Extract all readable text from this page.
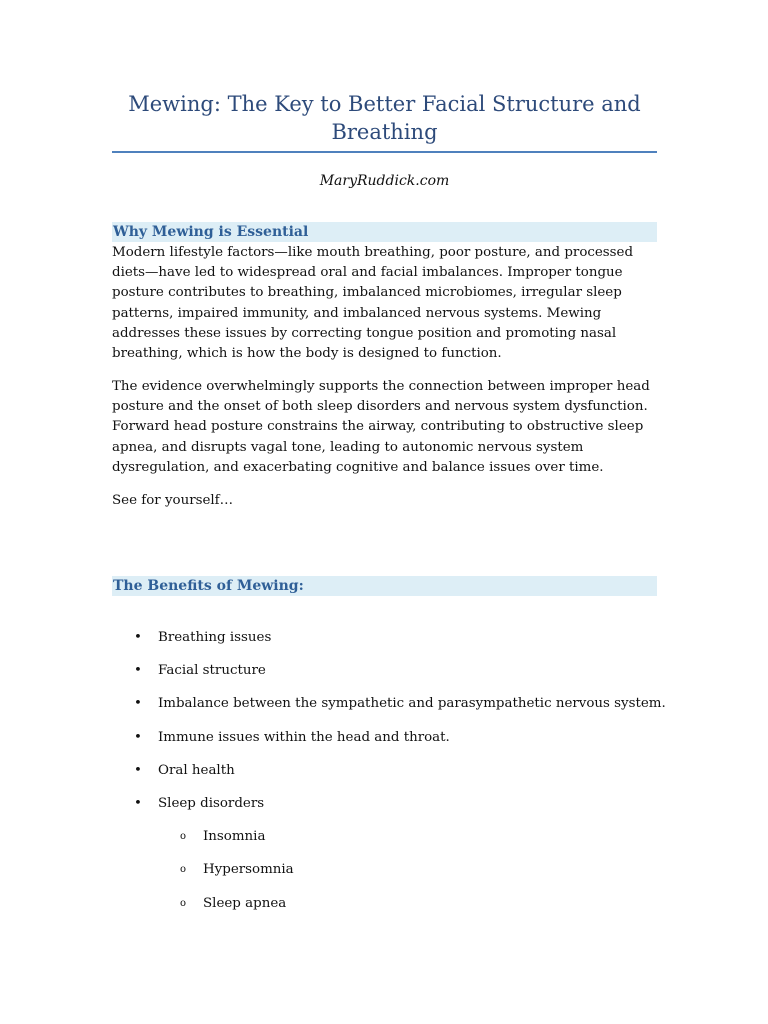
Mewing: The Key to Better Facial Structure and Breathing
MaryRuddick.com
Why Mewing is Essential

Modern lifestyle factors—like mouth breathing, poor posture, and processed diets—have led to widespread oral and facial imbalances. Improper tongue posture contributes to breathing, imbalanced microbiomes, irregular sleep patterns, impaired immunity, and imbalanced nervous systems. Mewing addresses these issues by correcting tongue position and promoting nasal breathing, which is how the body is designed to function.

The evidence overwhelmingly supports the connection between improper head posture and the onset of both sleep disorders and nervous system dysfunction. Forward head posture constrains the airway, contributing to obstructive sleep apnea, and disrupts vagal tone, leading to autonomic nervous system dysregulation, and exacerbating cognitive and balance issues over time.

See for yourself…

The Benefits of Mewing:
• Breathing issues
• Facial structure
• Imbalance between the sympathetic and parasympathetic nervous system.
• Immune issues within the head and throat.
• Oral health
• Sleep disorders
o Insomnia
o Hypersomnia
o Sleep apnea
